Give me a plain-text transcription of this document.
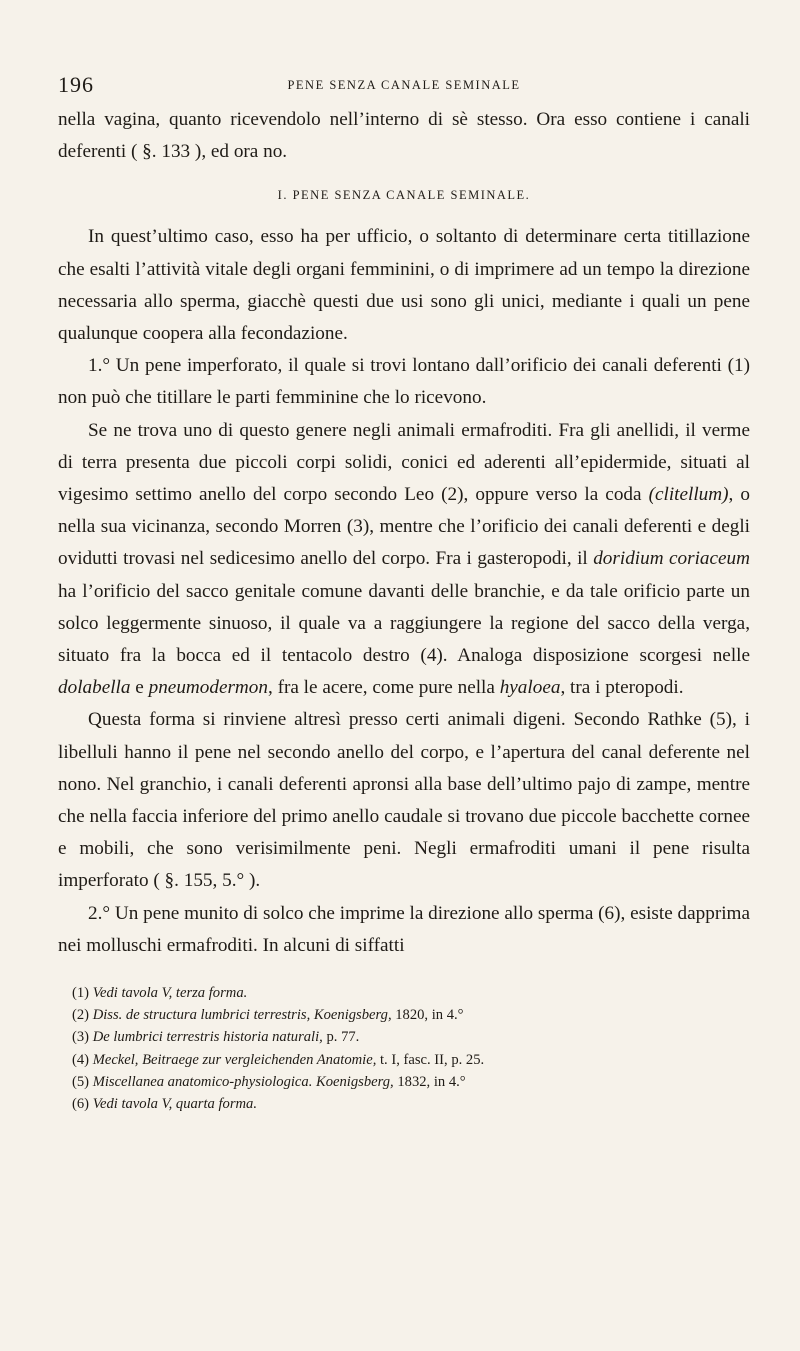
196	PENE SENZA CANALE SEMINALE

nella vagina, quanto ricevendolo nell’interno di sè stesso. Ora esso contiene i canali deferenti ( §. 133 ), ed ora no.

I. PENE SENZA CANALE SEMINALE.

In quest’ultimo caso, esso ha per ufficio, o soltanto di determinare certa titillazione che esalti l’attività vitale degli organi femminini, o di imprimere ad un tempo la direzione necessaria allo sperma, giacchè questi due usi sono gli unici, mediante i quali un pene qualunque cooperа alla fecondazione.

1.° Un pene imperforato, il quale si trovi lontano dall’orificio dei canali deferenti (1) non può che titillare le parti femminine che lo ricevono.

Se ne trova uno di questo genere negli animali ermafroditi. Fra gli anellidi, il verme di terra presenta due piccoli corpi solidi, conici ed aderenti all’epidermide, situati al vigesimo settimo anello del corpo secondo Leo (2), oppure verso la coda (clitellum), o nella sua vicinanza, secondo Morren (3), mentre che l’orificio dei canali deferenti e degli ovidutti trovasi nel sedicesimo anello del corpo. Fra i gasteropodi, il doridium coriaceum ha l’orificio del sacco genitale comune davanti delle branchie, e da tale orificio parte un solco leggermente sinuoso, il quale va a raggiungere la regione del sacco della verga, situato fra la bocca ed il tentacolo destro (4). Analoga disposizione scorgesi nelle dolabella e pneumodermon, fra le acere, come pure nella hyaloea, tra i pteropodi.

Questa forma si rinviene altresì presso certi animali digeni. Secondo Rathke (5), i libelluli hanno il pene nel secondo anello del corpo, e l’apertura del canal deferente nel nono. Nel granchio, i canali deferenti apronsi alla base dell’ultimo pajo di zampe, mentre che nella faccia inferiore del primo anello caudale si trovano due piccole bacchette cornee e mobili, che sono verisimilmente peni. Negli ermafroditi umani il pene risulta imperforato ( §. 155, 5.° ).

2.° Un pene munito di solco che imprime la direzione allo sperma (6), esiste dapprima nei molluschi ermafroditi. In alcuni di siffatti

(1) Vedi tavola V, terza forma.
(2) Diss. de structura lumbrici terrestris, Koenigsberg, 1820, in 4.°
(3) De lumbrici terrestris historia naturali, p. 77.
(4) Meckel, Beitraege zur vergleichenden Anatomie, t. I, fasc. II, p. 25.
(5) Miscellanea anatomico-physiologica. Koenigsberg, 1832, in 4.°
(6) Vedi tavola V, quarta forma.
